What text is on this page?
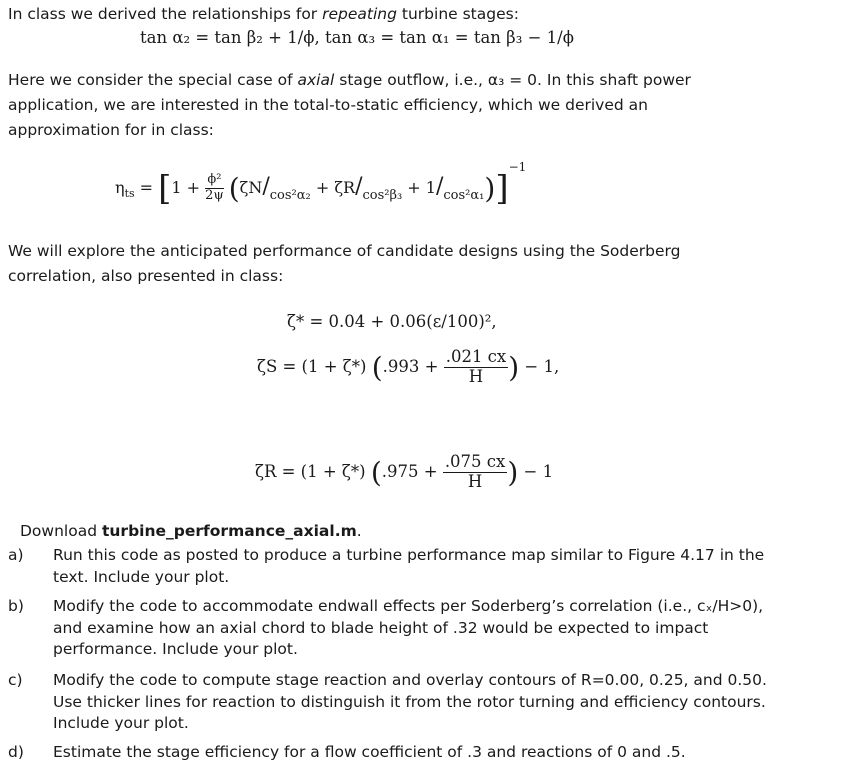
In class we derived the relationships for repeating turbine stages:
tan α₂ = tan β₂ + 1/ϕ, tan α₃ = tan α₁ = tan β₃ − 1/ϕ
Here we consider the special case of axial stage outflow, i.e., α₃ = 0. In this shaft power
application, we are interested in the total-to-static efficiency, which we derived an
approximation for in class:
$\eta_{ts} = [1 + \frac{\text{ϕ²}}{2\psi} (\zeta N/_{cos^2\alpha_2} + \zeta R/_{cos^2\beta_3} + 1/_{cos^2\alpha_1})]^{-1}$
We will explore the anticipated performance of candidate designs using the Soderberg
correlation, also presented in class:
ζ* = 0.04 + 0.06(ε/100)²,
ζS = (1 + ζ*) ($.993 + \frac{.021 cx}{H}$ ) − 1,
ζR = (1 + ζ*) ($.975 + \frac{.075 cx}{H}$ ) − 1
Download turbine_performance_axial.m.
a) Run this code as posted to produce a turbine performance map similar to Figure 4.17 in the
text. Include your plot.
b) Modify the code to accommodate endwall effects per Soderberg’s correlation (i.e., cₓ/H>0),
and examine how an axial chord to blade height of .32 would be expected to impact
performance. Include your plot.
c) Modify the code to compute stage reaction and overlay contours of R=0.00, 0.25, and 0.50.
Use thicker lines for reaction to distinguish it from the rotor turning and efficiency contours.
Include your plot.
d) Estimate the stage efficiency for a flow coefficient of .3 and reactions of 0 and .5.
